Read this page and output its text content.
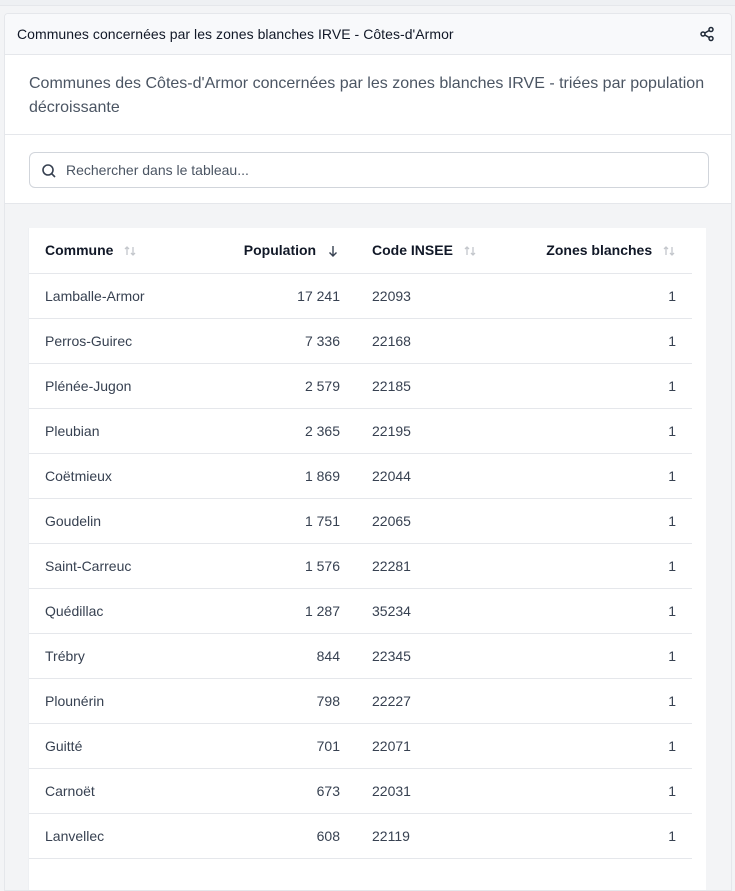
Communes concernées par les zones blanches IRVE - Côtes-d'Armor
Communes des Côtes-d'Armor concernées par les zones blanches IRVE - triées par population décroissante
Rechercher dans le tableau...
Commune	Population	Code INSEE	Zones blanches
Lamballe-Armor	17 241	22093	1
Perros-Guirec	7 336	22168	1
Plénée-Jugon	2 579	22185	1
Pleubian	2 365	22195	1
Coëtmieux	1 869	22044	1
Goudelin	1 751	22065	1
Saint-Carreuc	1 576	22281	1
Quédillac	1 287	35234	1
Trébry	844	22345	1
Plounérin	798	22227	1
Guitté	701	22071	1
Carnoët	673	22031	1
Lanvellec	608	22119	1
